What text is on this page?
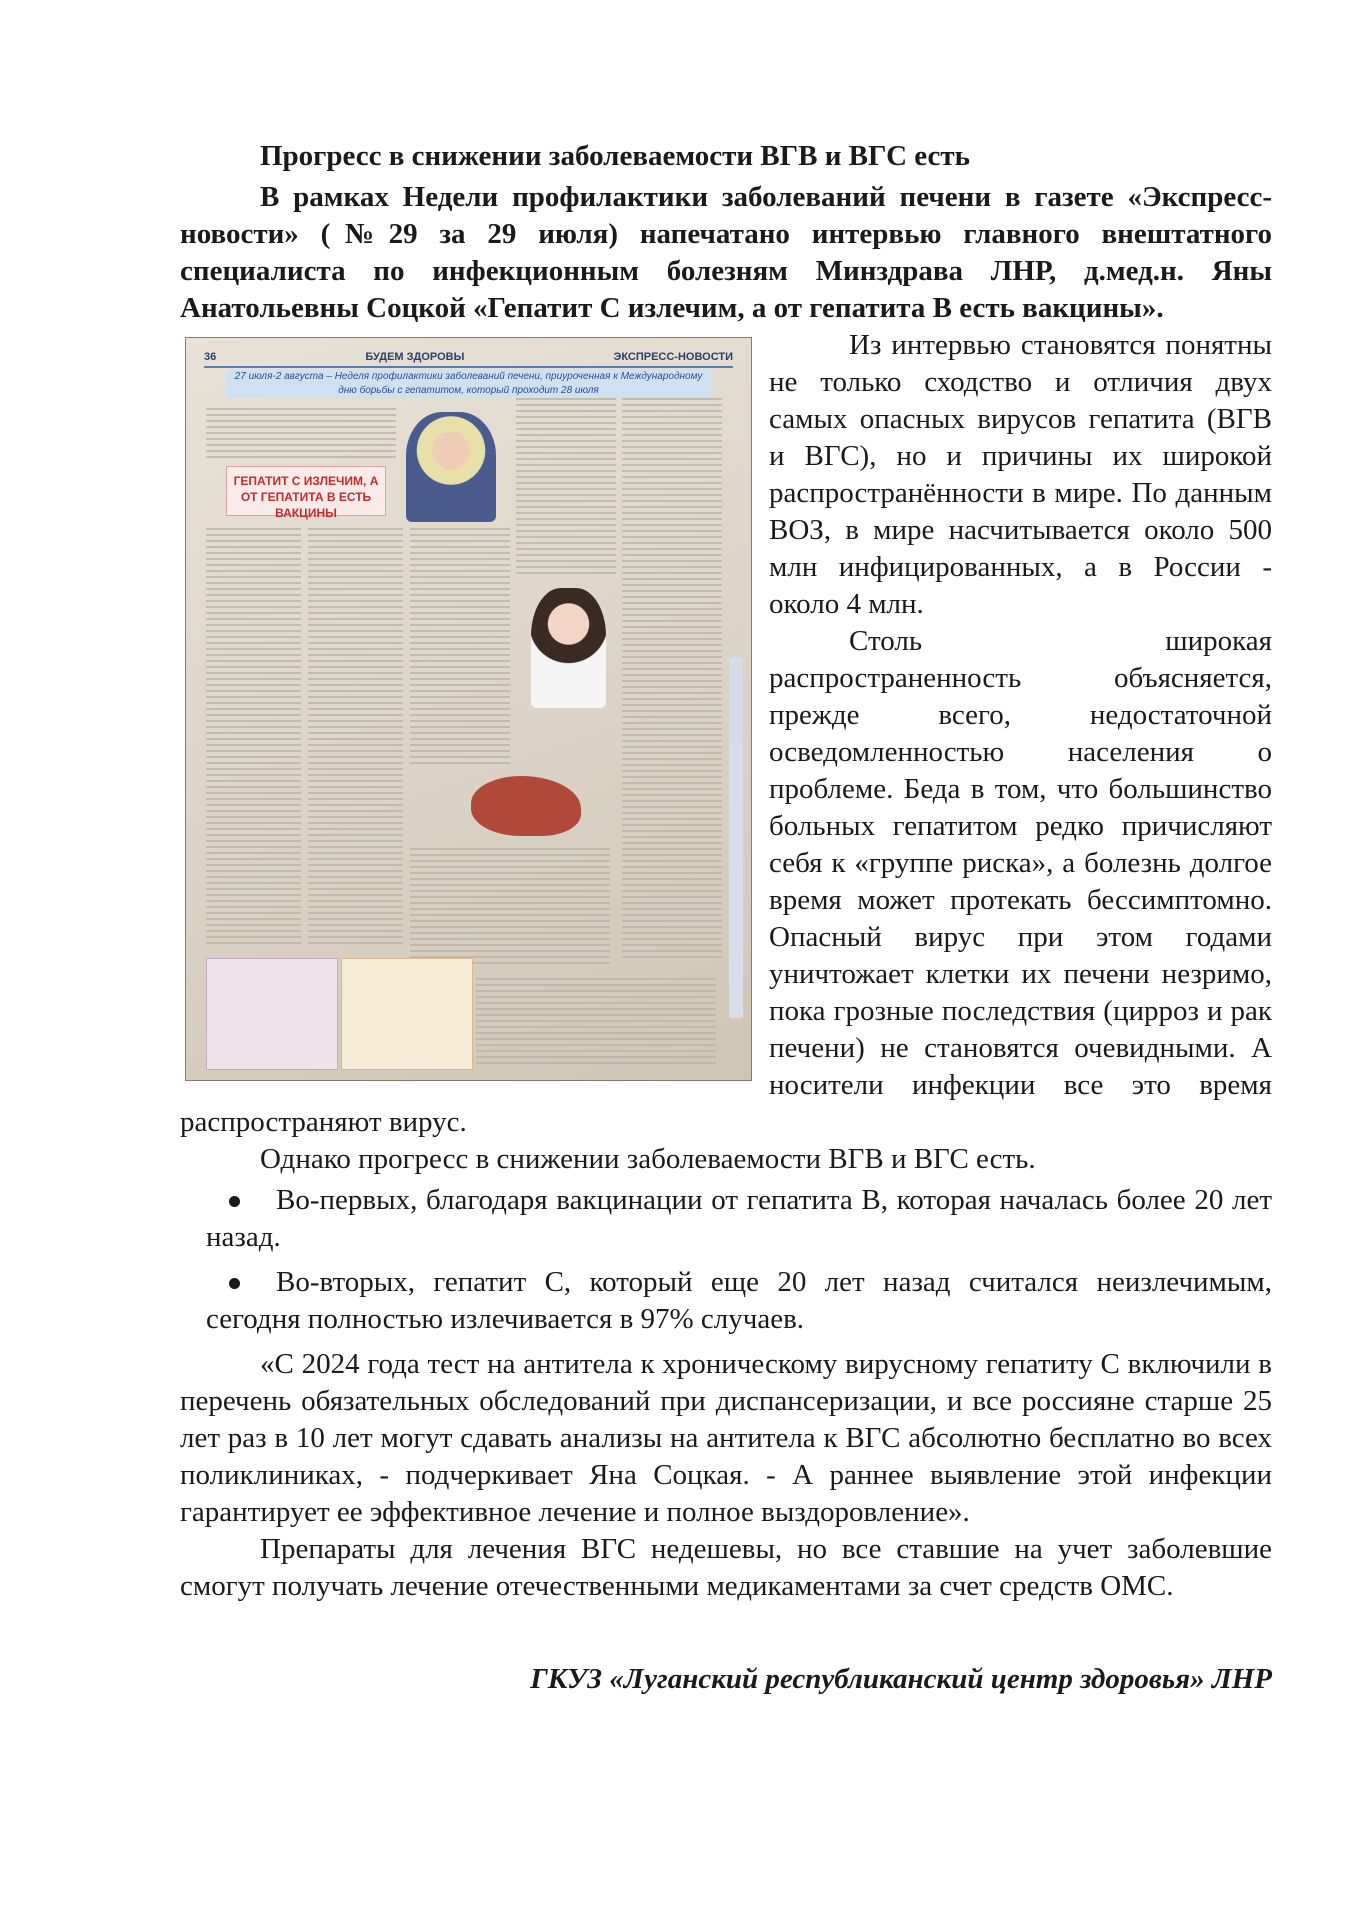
Прогресс в снижении заболеваемости ВГВ и ВГС есть

В рамках Недели профилактики заболеваний печени в газете «Экспресс-новости» (№29 за 29 июля) напечатано интервью главного внештатного специалиста по инфекционным болезням Минздрава ЛНР, д.мед.н. Яны Анатольевны Соцкой «Гепатит С излечим, а от гепатита В есть вакцины».

36	БУДЕМ ЗДОРОВЫ	ЭКСПРЕСС-НОВОСТИ
27 июля-2 августа – Неделя профилактики заболеваний печени, приуроченная к Международному дню борьбы с гепатитом, который проходит 28 июля
ГЕПАТИТ С ИЗЛЕЧИМ, А ОТ ГЕПАТИТА В ЕСТЬ ВАКЦИНЫ

Из интервью становятся понятны не только сходство и отличия двух самых опасных вирусов гепатита (ВГВ и ВГС), но и причины их широкой распространённости в мире. По данным ВОЗ, в мире насчитывается около 500 млн инфицированных, а в России - около 4 млн.

Столь широкая распространенность объясняется, прежде всего, недостаточной осведомленностью населения о проблеме. Беда в том, что большинство больных гепатитом редко причисляют себя к «группе риска», а болезнь долгое время может протекать бессимптомно. Опасный вирус при этом годами уничтожает клетки их печени незримо, пока грозные последствия (цирроз и рак печени) не становятся очевидными. А носители инфекции все это время распространяют вирус.

Однако прогресс в снижении заболеваемости ВГВ и ВГС есть.

Во-первых, благодаря вакцинации от гепатита В, которая началась более 20 лет назад.
Во-вторых, гепатит С, который еще 20 лет назад считался неизлечимым, сегодня полностью излечивается в 97% случаев.

«С 2024 года тест на антитела к хроническому вирусному гепатиту С включили в перечень обязательных обследований при диспансеризации, и все россияне старше 25 лет раз в 10 лет могут сдавать анализы на антитела к ВГС абсолютно бесплатно во всех поликлиниках, - подчеркивает Яна Соцкая. - А раннее выявление этой инфекции гарантирует ее эффективное лечение и полное выздоровление».

Препараты для лечения ВГС недешевы, но все ставшие на учет заболевшие смогут получать лечение отечественными медикаментами за счет средств ОМС.

ГКУЗ «Луганский республиканский центр здоровья» ЛНР
